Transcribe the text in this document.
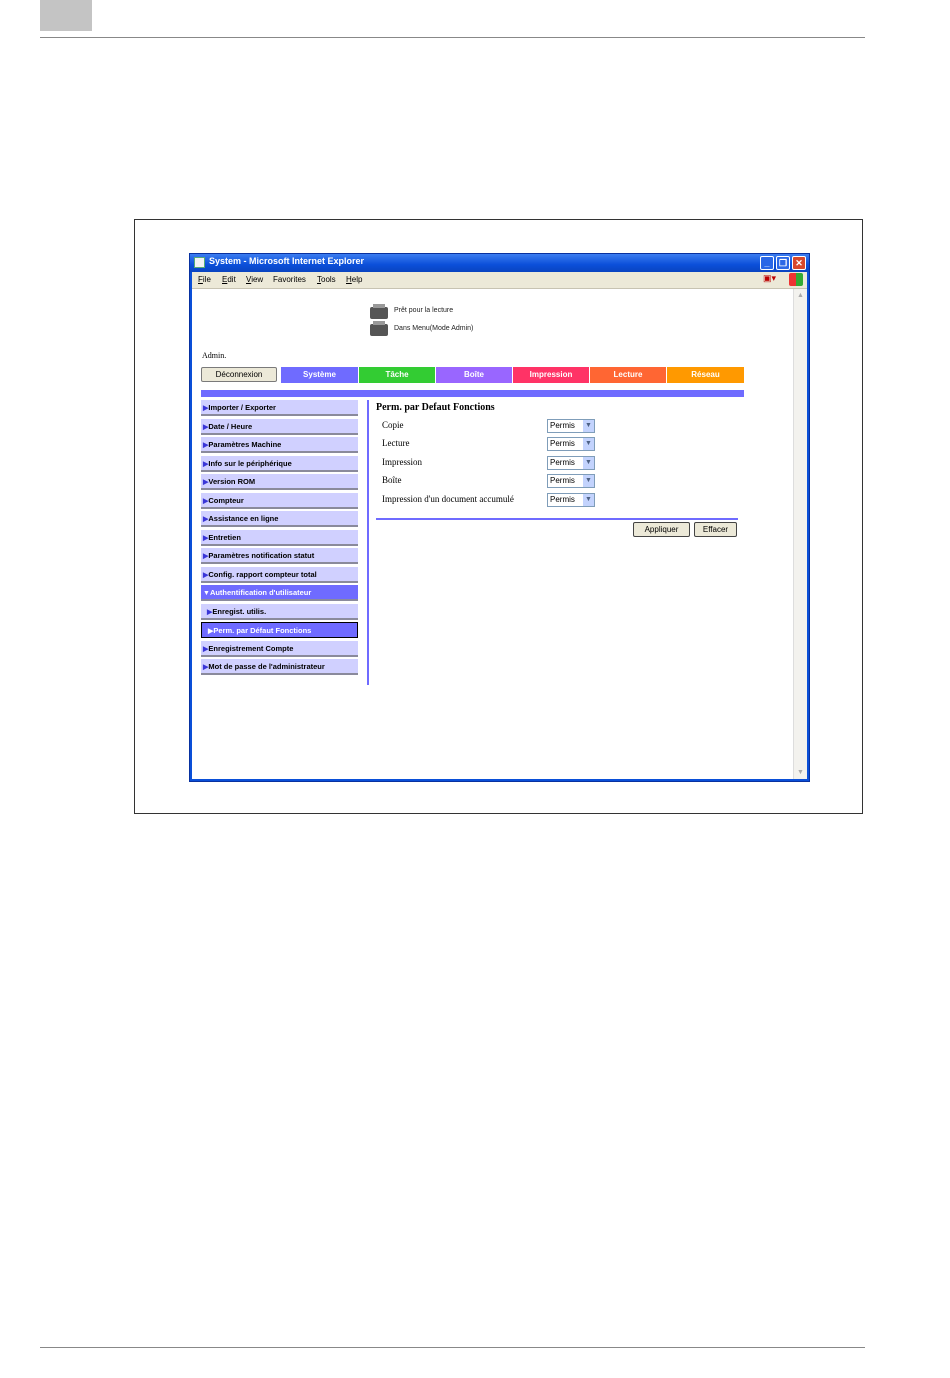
System - Microsoft Internet Explorer	_	❐ ✕
File Edit View Favorites Tools Help	▣▾
Prêt pour la lecture
Dans Menu(Mode Admin)
Admin.
Déconnexion	Système	Tâche	Boîte	Impression	Lecture	Réseau
▶Importer / Exporter
▶Date / Heure
▶Paramètres Machine
▶Info sur le périphérique
▶Version ROM
▶Compteur
▶Assistance en ligne
▶Entretien
▶Paramètres notification statut
▶Config. rapport compteur total
▼Authentification d'utilisateur
▶Enregist. utilis.
▶Perm. par Défaut Fonctions
▶Enregistrement Compte
▶Mot de passe de l'administrateur
Perm. par Defaut Fonctions
Copie	Permis ▼
Lecture	Permis ▼
Impression	Permis ▼
Boîte	Permis ▼
Impression d'un document accumulé	Permis ▼
Appliquer	Effacer
▲
▼
